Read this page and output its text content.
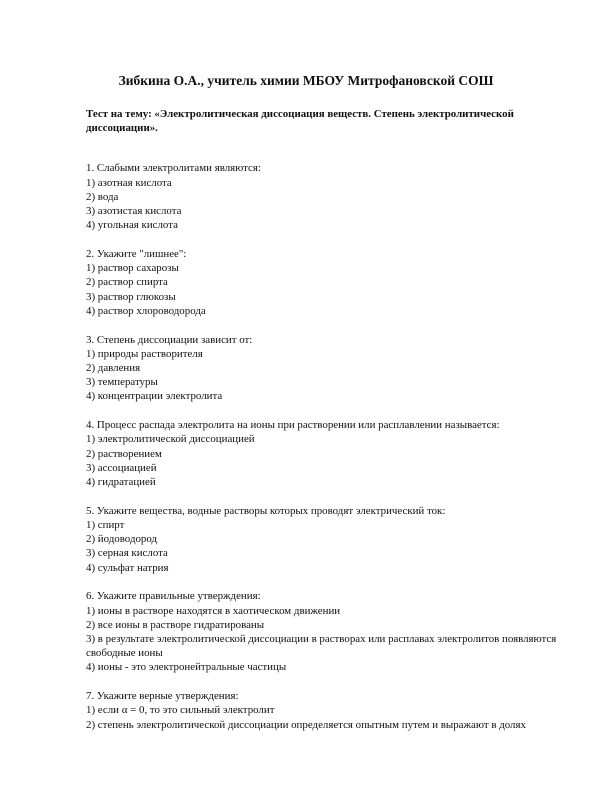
Зибкина О.А., учитель химии МБОУ Митрофановской СОШ
Тест на тему: «Электролитическая диссоциация веществ. Степень электролитической диссоциации».
1. Слабыми электролитами являются:
1) азотная кислота
2) вода
3) азотистая кислота
4) угольная кислота
2. Укажите "лишнее":
1) раствор сахарозы
2) раствор спирта
3) раствор глюкозы
4) раствор хлороводорода
3. Степень диссоциации зависит от:
1) природы растворителя
2) давления
3) температуры
4) концентрации электролита
4. Процесс распада электролита на ионы при растворении или расплавлении называется:
1) электролитической диссоциацией
2) растворением
3) ассоциацией
4) гидратацией
5. Укажите вещества, водные растворы которых проводят электрический ток:
1) спирт
2) йодоводород
3) серная кислота
4) сульфат натрия
6. Укажите правильные утверждения:
1) ионы в растворе находятся в хаотическом движении
2) все ионы в растворе гидратированы
3) в результате электролитической диссоциации в растворах или расплавах электролитов появляются свободные ионы
4) ионы - это электронейтральные частицы
7. Укажите верные утверждения:
1) если α = 0, то это сильный электролит
2) степень электролитической диссоциации определяется опытным путем и выражают в долях
